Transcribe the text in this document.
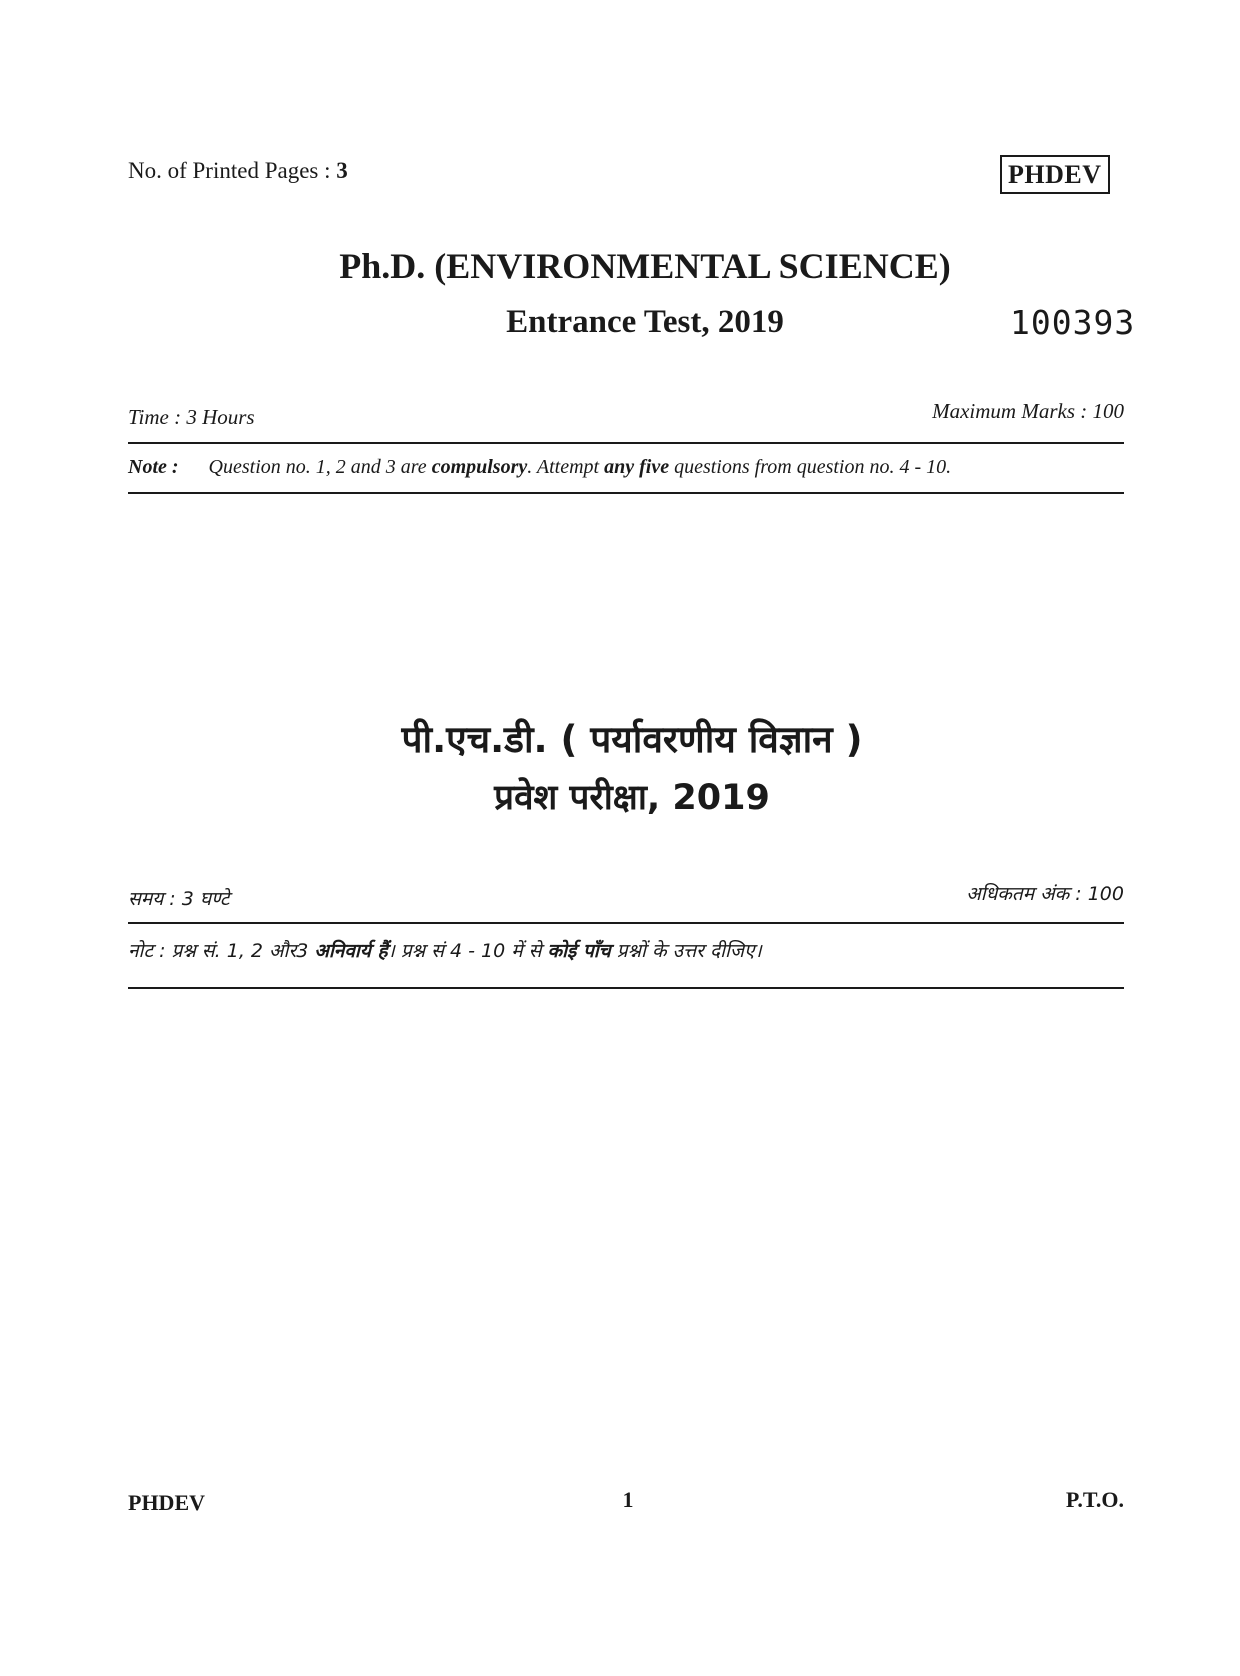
No. of Printed Pages : 3	PHDEV
Ph.D. (ENVIRONMENTAL SCIENCE)
Entrance Test, 2019	100393
Time : 3 Hours	Maximum Marks : 100
Note : Question no. 1, 2 and 3 are compulsory. Attempt any five questions from question no. 4 - 10.
पी.एच.डी. ( पर्यावरणीय विज्ञान )
प्रवेश परीक्षा, 2019
समय : 3 घण्टे	अधिकतम अंक : 100
नोट : प्रश्न सं. 1, 2 और3 अनिवार्य हैं। प्रश्न सं 4 - 10 में से कोई पाँच प्रश्नों के उत्तर दीजिए।
PHDEV	1	P.T.O.
